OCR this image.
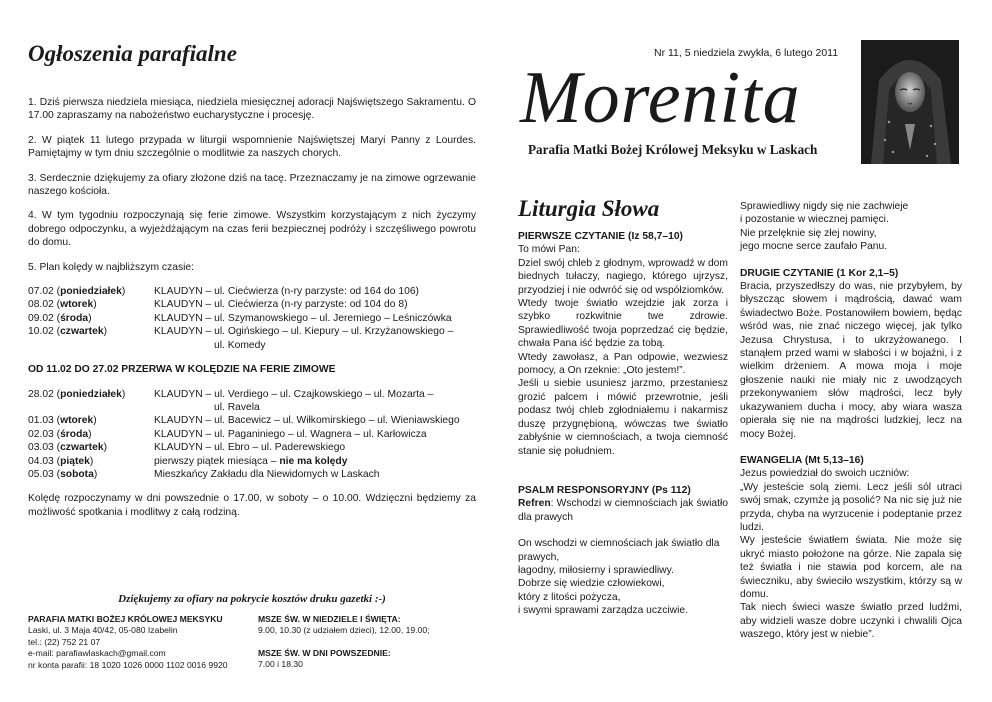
Ogłoszenia parafialne

1. Dziś pierwsza niedziela miesiąca, niedziela miesięcznej adoracji Najświętszego Sakramentu. O 17.00 zapraszamy na nabożeństwo eucharystyczne i procesję.

2. W piątek 11 lutego przypada w liturgii wspomnienie Najświętszej Maryi Panny z Lourdes. Pamiętajmy w tym dniu szczególnie o modlitwie za naszych chorych.

3. Serdecznie dziękujemy za ofiary złożone dziś na tacę. Przeznaczamy je na zimowe ogrzewanie naszego kościoła.

4. W tym tygodniu rozpoczynają się ferie zimowe. Wszystkim korzystającym z nich życzymy dobrego odpoczynku, a wyjeżdżającym na czas ferii bezpiecznej podróży i szczęśliwego powrotu do domu.

5. Plan kolędy w najbliższym czasie:

07.02 (poniedziałek)	KLAUDYN – ul. Ciećwierza (n-ry parzyste: od 164 do 106)
08.02 (wtorek)	KLAUDYN – ul. Ciećwierza (n-ry parzyste: od 104 do 8)
09.02 (środa)	KLAUDYN – ul. Szymanowskiego – ul. Jeremiego – Leśniczówka
10.02 (czwartek)	KLAUDYN – ul. Ogińskiego – ul. Kiepury – ul. Krzyżanowskiego –
ul. Komedy

OD 11.02 DO 27.02 PRZERWA W KOLĘDZIE NA FERIE ZIMOWE

28.02 (poniedziałek)	KLAUDYN – ul. Verdiego – ul. Czajkowskiego – ul. Mozarta –
ul. Ravela
01.03 (wtorek)	KLAUDYN – ul. Bacewicz – ul. Wiłkomirskiego – ul. Wieniawskiego
02.03 (środa)	KLAUDYN – ul. Paganiniego – ul. Wagnera – ul. Karłowicza
03.03 (czwartek)	KLAUDYN – ul. Ebro – ul. Paderewskiego
04.03 (piątek)	pierwszy piątek miesiąca – nie ma kolędy
05.03 (sobota)	Mieszkańcy Zakładu dla Niewidomych w Laskach

Kolędę rozpoczynamy w dni powszednie o 17.00, w soboty – o 10.00. Wdzięczni będziemy za możliwość spotkania i modlitwy z całą rodziną.

Dziękujemy za ofiary na pokrycie kosztów druku gazetki :-)
PARAFIA MATKI BOŻEJ KRÓLOWEJ MEKSYKU
Laski, ul. 3 Maja 40/42, 05-080 Izabelin
tel.: (22) 752 21 07
e-mail: parafiawlaskach@gmail.com
nr konta parafii: 18 1020 1026 0000 1102 0016 9920
MSZE ŚW. W NIEDZIELE I ŚWIĘTA:
9.00, 10.30 (z udziałem dzieci), 12.00, 19.00;
MSZE ŚW. W DNI POWSZEDNIE:
7.00 i 18.30
Nr 11, 5 niedziela zwykła, 6 lutego 2011
Morenita
Parafia Matki Bożej Królowej Meksyku w Laskach
Liturgia Słowa

PIERWSZE CZYTANIE (Iz 58,7–10)

To mówi Pan:

Dziel swój chleb z głodnym, wprowadź w dom biednych tułaczy, nagiego, którego ujrzysz, przyodziej i nie odwróć się od współziomków.

Wtedy twoje światło wzejdzie jak zorza i szybko rozkwitnie twe zdrowie. Sprawiedliwość twoja poprzedzać cię będzie, chwała Pana iść będzie za tobą.

Wtedy zawołasz, a Pan odpowie, wezwiesz pomocy, a On rzeknie: „Oto jestem!”.

Jeśli u siebie usuniesz jarzmo, przestaniesz grozić palcem i mówić przewrotnie, jeśli podasz twój chleb zgłodniałemu i nakarmisz duszę przygnębioną, wówczas twe światło zabłyśnie w ciemnościach, a twoja ciemność stanie się południem.

PSALM RESPONSORYJNY (Ps 112)

Refren: Wschodzi w ciemnościach jak światło dla prawych

On wschodzi w ciemnościach jak światło dla prawych,

łagodny, miłosierny i sprawiedliwy.

Dobrze się wiedzie człowiekowi,

który z litości pożycza,

i swymi sprawami zarządza uczciwie.

Sprawiedliwy nigdy się nie zachwieje

i pozostanie w wiecznej pamięci.

Nie przelęknie się złej nowiny,

jego mocne serce zaufało Panu.

DRUGIE CZYTANIE (1 Kor 2,1–5)

Bracia, przyszedłszy do was, nie przybyłem, by błyszcząc słowem i mądrością, dawać wam świadectwo Boże. Postanowiłem bowiem, będąc wśród was, nie znać niczego więcej, jak tylko Jezusa Chrystusa, i to ukrzyżowanego. I stanąłem przed wami w słabości i w bojaźni, i z wielkim drżeniem. A mowa moja i moje głoszenie nauki nie miały nic z uwodzących przekonywaniem słów mądrości, lecz były ukazywaniem ducha i mocy, aby wiara wasza opierała się nie na mądrości ludzkiej, lecz na mocy Bożej.

EWANGELIA (Mt 5,13–16)

Jezus powiedział do swoich uczniów:

„Wy jesteście solą ziemi. Lecz jeśli sól utraci swój smak, czymże ją posolić? Na nic się już nie przyda, chyba na wyrzucenie i podeptanie przez ludzi.

Wy jesteście światłem świata. Nie może się ukryć miasto położone na górze. Nie zapala się też światła i nie stawia pod korcem, ale na świeczniku, aby świeciło wszystkim, którzy są w domu.

Tak niech świeci wasze światło przed ludźmi, aby widzieli wasze dobre uczynki i chwalili Ojca waszego, który jest w niebie”.
